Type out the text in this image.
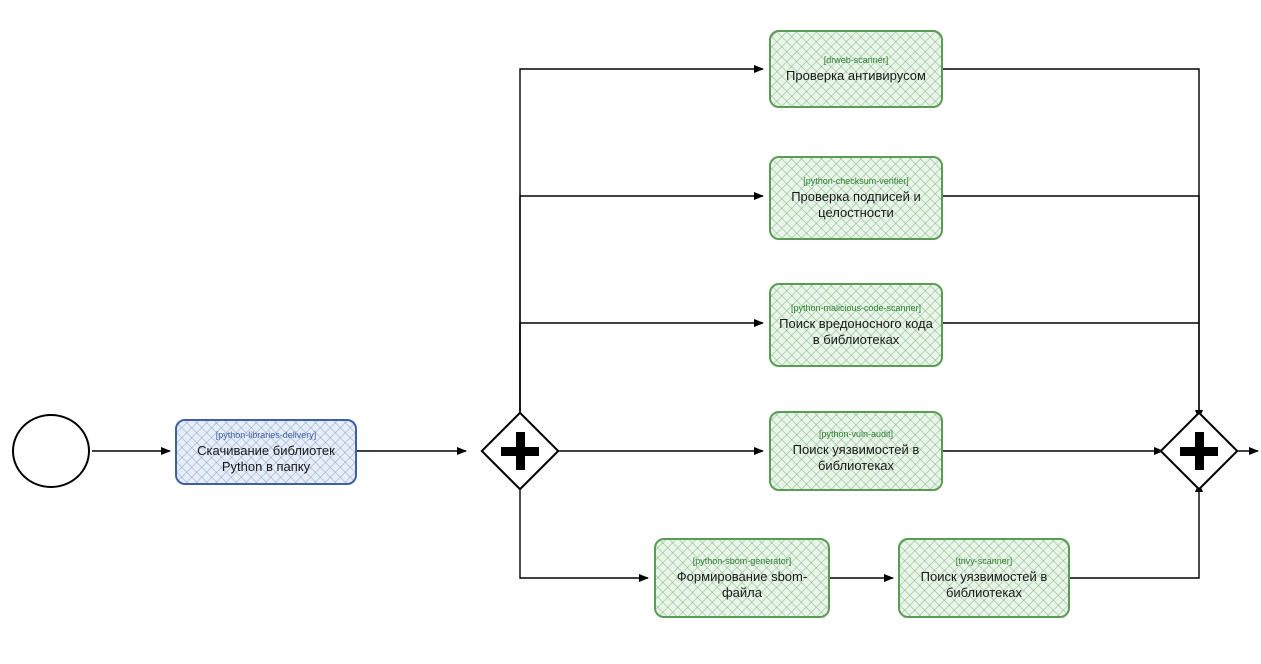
[python-libraries-delivery]
Скачивание библиотек Python в папку
[drweb-scanner]
Проверка антивирусом
[python-checksum-verifier]
Проверка подписей и целостности
[python-malicious-code-scanner]
Поиск вредоносного кода в библиотеках
[python-vuln-audit]
Поиск уязвимостей в библиотеках
[python-sbom-generator]
Формирование sbom-файла
[trivy-scanner]
Поиск уязвимостей в библиотеках
